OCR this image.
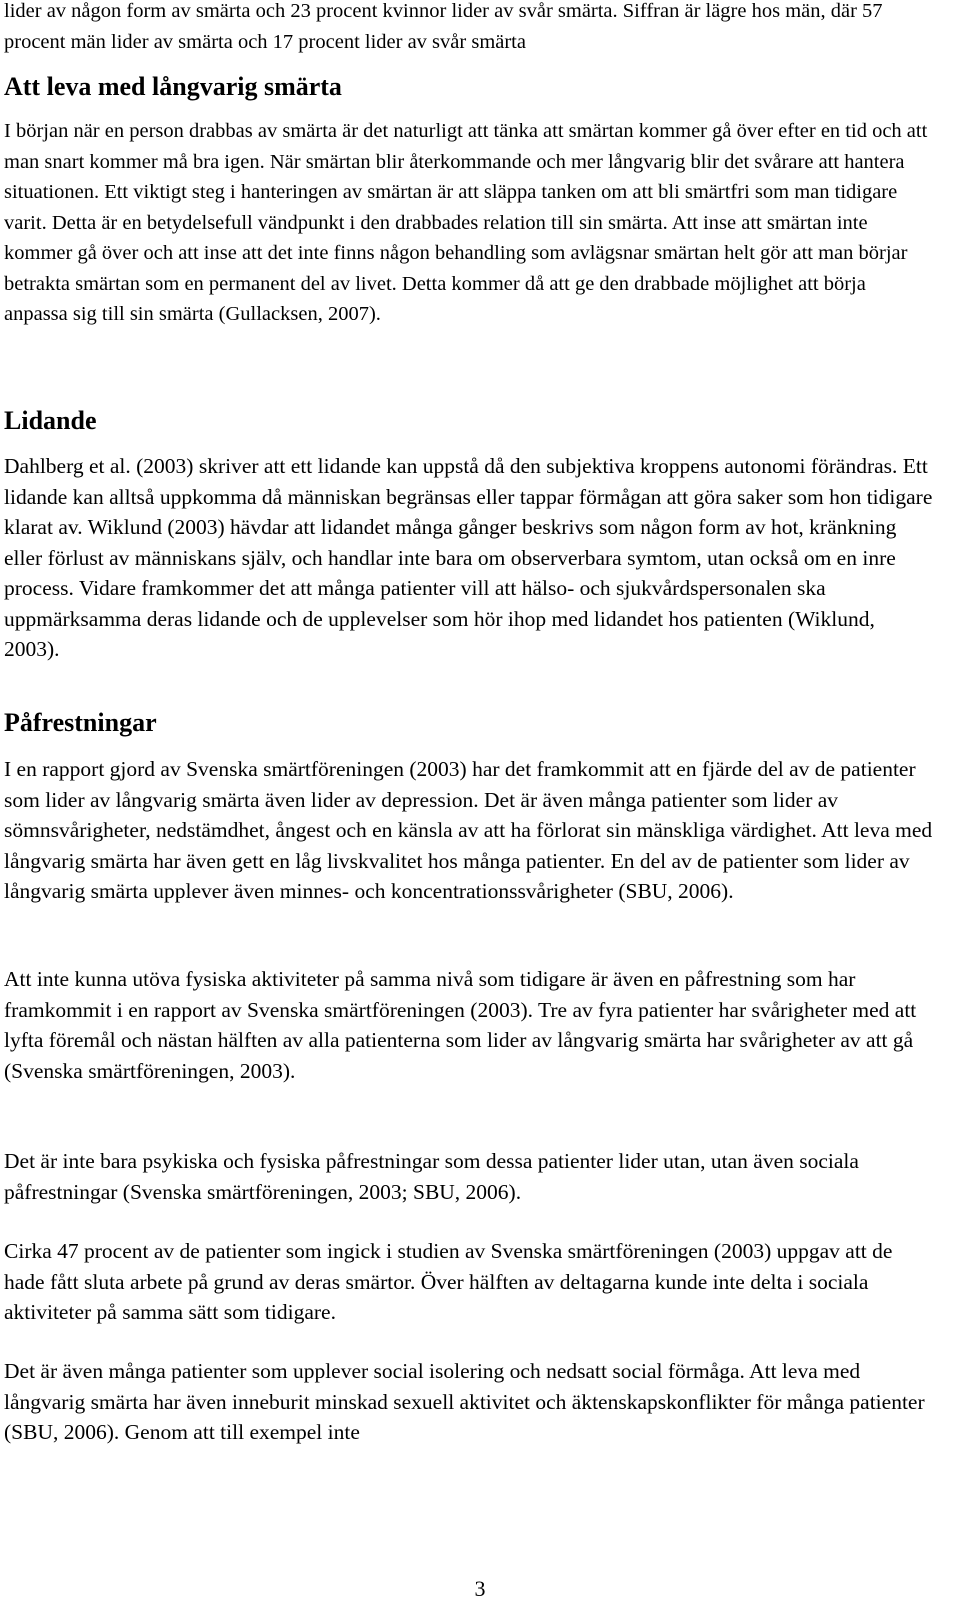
lider av någon form av smärta och 23 procent kvinnor lider av svår smärta. Siffran är lägre hos män, där 57 procent män lider av smärta och 17 procent lider av svår smärta

Att leva med långvarig smärta

I början när en person drabbas av smärta är det naturligt att tänka att smärtan kommer gå över efter en tid och att man snart kommer må bra igen. När smärtan blir återkommande och mer långvarig blir det svårare att hantera situationen. Ett viktigt steg i hanteringen av smärtan är att släppa tanken om att bli smärtfri som man tidigare varit. Detta är en betydelsefull vändpunkt i den drabbades relation till sin smärta. Att inse att smärtan inte kommer gå över och att inse att det inte finns någon behandling som avlägsnar smärtan helt gör att man börjar betrakta smärtan som en permanent del av livet. Detta kommer då att ge den drabbade möjlighet att börja anpassa sig till sin smärta (Gullacksen, 2007).

Lidande

Dahlberg et al. (2003) skriver att ett lidande kan uppstå då den subjektiva kroppens autonomi förändras. Ett lidande kan alltså uppkomma då människan begränsas eller tappar förmågan att göra saker som hon tidigare klarat av. Wiklund (2003) hävdar att lidandet många gånger beskrivs som någon form av hot, kränkning eller förlust av människans själv, och handlar inte bara om observerbara symtom, utan också om en inre process. Vidare framkommer det att många patienter vill att hälso- och sjukvårdspersonalen ska uppmärksamma deras lidande och de upplevelser som hör ihop med lidandet hos patienten (Wiklund, 2003).

Påfrestningar

I en rapport gjord av Svenska smärtföreningen (2003) har det framkommit att en fjärde del av de patienter som lider av långvarig smärta även lider av depression. Det är även många patienter som lider av sömnsvårigheter, nedstämdhet, ångest och en känsla av att ha förlorat sin mänskliga värdighet. Att leva med långvarig smärta har även gett en låg livskvalitet hos många patienter. En del av de patienter som lider av långvarig smärta upplever även minnes- och koncentrationssvårigheter (SBU, 2006).

Att inte kunna utöva fysiska aktiviteter på samma nivå som tidigare är även en påfrestning som har framkommit i en rapport av Svenska smärtföreningen (2003). Tre av fyra patienter har svårigheter med att lyfta föremål och nästan hälften av alla patienterna som lider av långvarig smärta har svårigheter av att gå (Svenska smärtföreningen, 2003).

Det är inte bara psykiska och fysiska påfrestningar som dessa patienter lider utan, utan även sociala påfrestningar (Svenska smärtföreningen, 2003; SBU, 2006).

Cirka 47 procent av de patienter som ingick i studien av Svenska smärtföreningen (2003) uppgav att de hade fått sluta arbete på grund av deras smärtor. Över hälften av deltagarna kunde inte delta i sociala aktiviteter på samma sätt som tidigare.

Det är även många patienter som upplever social isolering och nedsatt social förmåga. Att leva med långvarig smärta har även inneburit minskad sexuell aktivitet och äktenskapskonflikter för många patienter (SBU, 2006). Genom att till exempel inte

3
